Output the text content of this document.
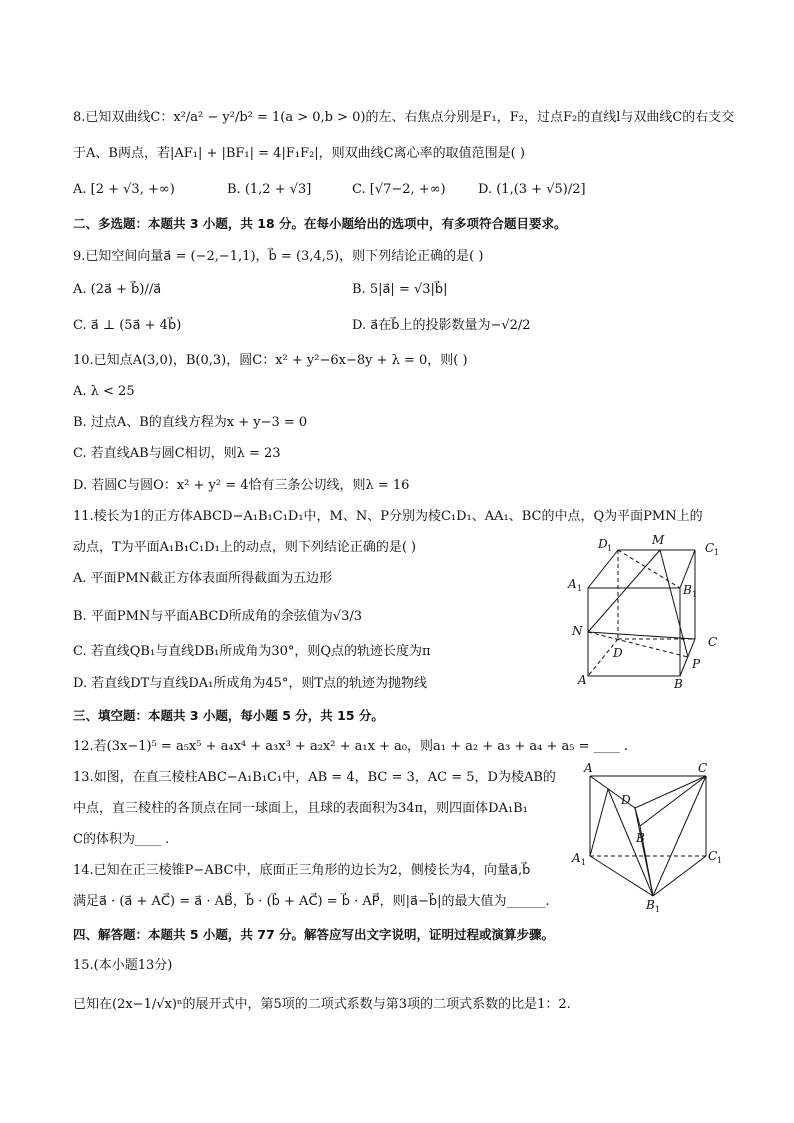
8.已知双曲线C：x²/a² − y²/b² = 1(a > 0,b > 0)的左、右焦点分别是F₁，F₂，过点F₂的直线l与双曲线C的右支交
于A、B两点，若|AF₁| + |BF₁| = 4|F₁F₂|，则双曲线C离心率的取值范围是( )
A. [2 + √3, +∞)	B. (1,2 + √3]	C. [√7−2, +∞) D. (1,(3 + √5)/2]
二、多选题：本题共 3 小题，共 18 分。在每小题给出的选项中，有多项符合题目要求。
9.已知空间向量a⃗ = (−2,−1,1)，b⃗ = (3,4,5)，则下列结论正确的是( )
A. (2a⃗ + b⃗)//a⃗	B. 5|a⃗| = √3|b⃗|
C. a⃗ ⊥ (5a⃗ + 4b⃗)	D. a⃗在b⃗上的投影数量为−√2/2
10.已知点A(3,0)，B(0,3)，圆C：x² + y²−6x−8y + λ = 0，则( )
A. λ < 25
B. 过点A、B的直线方程为x + y−3 = 0
C. 若直线AB与圆C相切，则λ = 23
D. 若圆C与圆O：x² + y² = 4恰有三条公切线，则λ = 16
11.棱长为1的正方体ABCD−A₁B₁C₁D₁中，M、N、P分别为棱C₁D₁、AA₁、BC的中点，Q为平面PMN上的
动点，T为平面A₁B₁C₁D₁上的动点，则下列结论正确的是( )
A. 平面PMN截正方体表面所得截面为五边形
B. 平面PMN与平面ABCD所成角的余弦值为√3/3
C. 若直线QB₁与直线DB₁所成角为30°，则Q点的轨迹长度为π
D. 若直线DT与直线DA₁所成角为45°，则T点的轨迹为抛物线
D 1
M
C 1
A 1	B 1
N
C
D
P
A	B
三、填空题：本题共 3 小题，每小题 5 分，共 15 分。
12.若(3x−1)⁵ = a₅x⁵ + a₄x⁴ + a₃x³ + a₂x² + a₁x + a₀，则a₁ + a₂ + a₃ + a₄ + a₅ = ____ .
13.如图，在直三棱柱ABC−A₁B₁C₁中，AB = 4，BC = 3，AC = 5，D为棱AB的
中点，直三棱柱的各顶点在同一球面上，且球的表面积为34π，则四面体DA₁B₁
C的体积为____ .
A	C
D
B
A 1	C 1
B 1
14.已知在正三棱锥P−ABC中，底面正三角形的边长为2，侧棱长为4，向量a⃗,b⃗
满足a⃗ · (a⃗ + AC⃗) = a⃗ · AB⃗，b⃗ · (b⃗ + AC⃗) = b⃗ · AP⃗，则|a⃗−b⃗|的最大值为______.
四、解答题：本题共 5 小题，共 77 分。解答应写出文字说明，证明过程或演算步骤。
15.(本小题13分)
已知在(2x−1/√x)ⁿ的展开式中，第5项的二项式系数与第3项的二项式系数的比是1：2.
